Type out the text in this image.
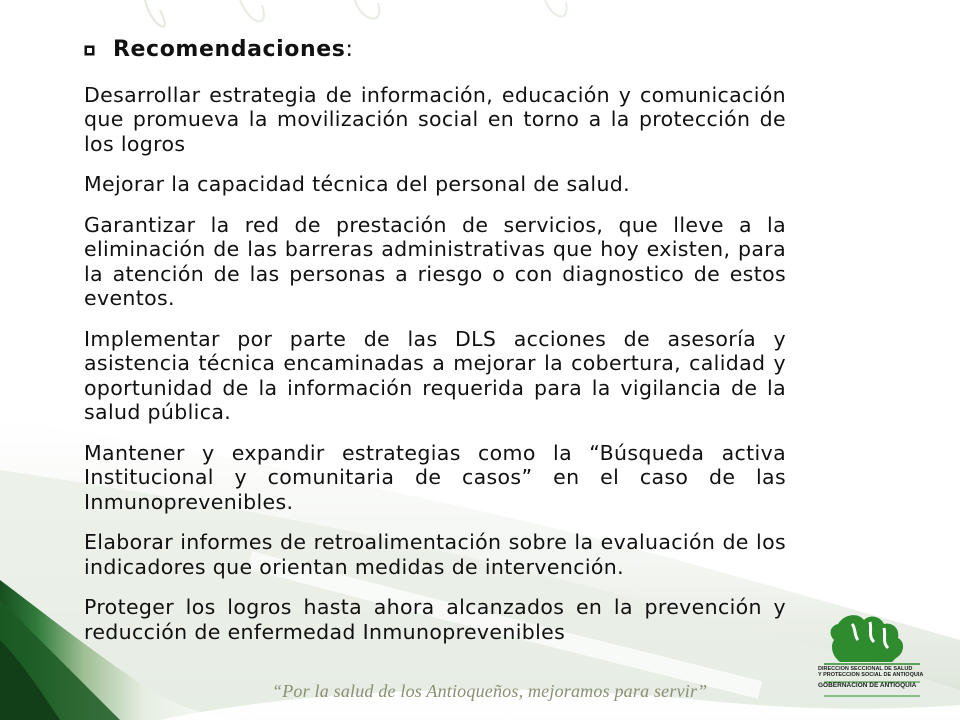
Recomendaciones :
Desarrollar estrategia de información, educación y comunicación que promueva la movilización social en torno a la protección de los logros
Mejorar la capacidad técnica del personal de salud.
Garantizar la red de prestación de servicios, que lleve a la eliminación de las barreras administrativas que hoy existen, para la atención de las personas a riesgo o con diagnostico de estos eventos.
Implementar por parte de las DLS acciones de asesoría y asistencia técnica encaminadas a mejorar la cobertura, calidad y oportunidad de la información requerida para la vigilancia de la salud pública.
Mantener y expandir estrategias como la “Búsqueda activa Institucional y comunitaria de casos” en el caso de las Inmunoprevenibles.
Elaborar informes de retroalimentación sobre la evaluación de los indicadores que orientan medidas de intervención.
Proteger los logros hasta ahora alcanzados en la prevención y reducción de enfermedad Inmunoprevenibles
“Por la salud de los Antioqueños, mejoramos para servir”
DIRECCION SECCIONAL DE SALUD
Y PROTECCION SOCIAL DE ANTIOQUIA
GOBERNACION DE ANTIOQUIA
